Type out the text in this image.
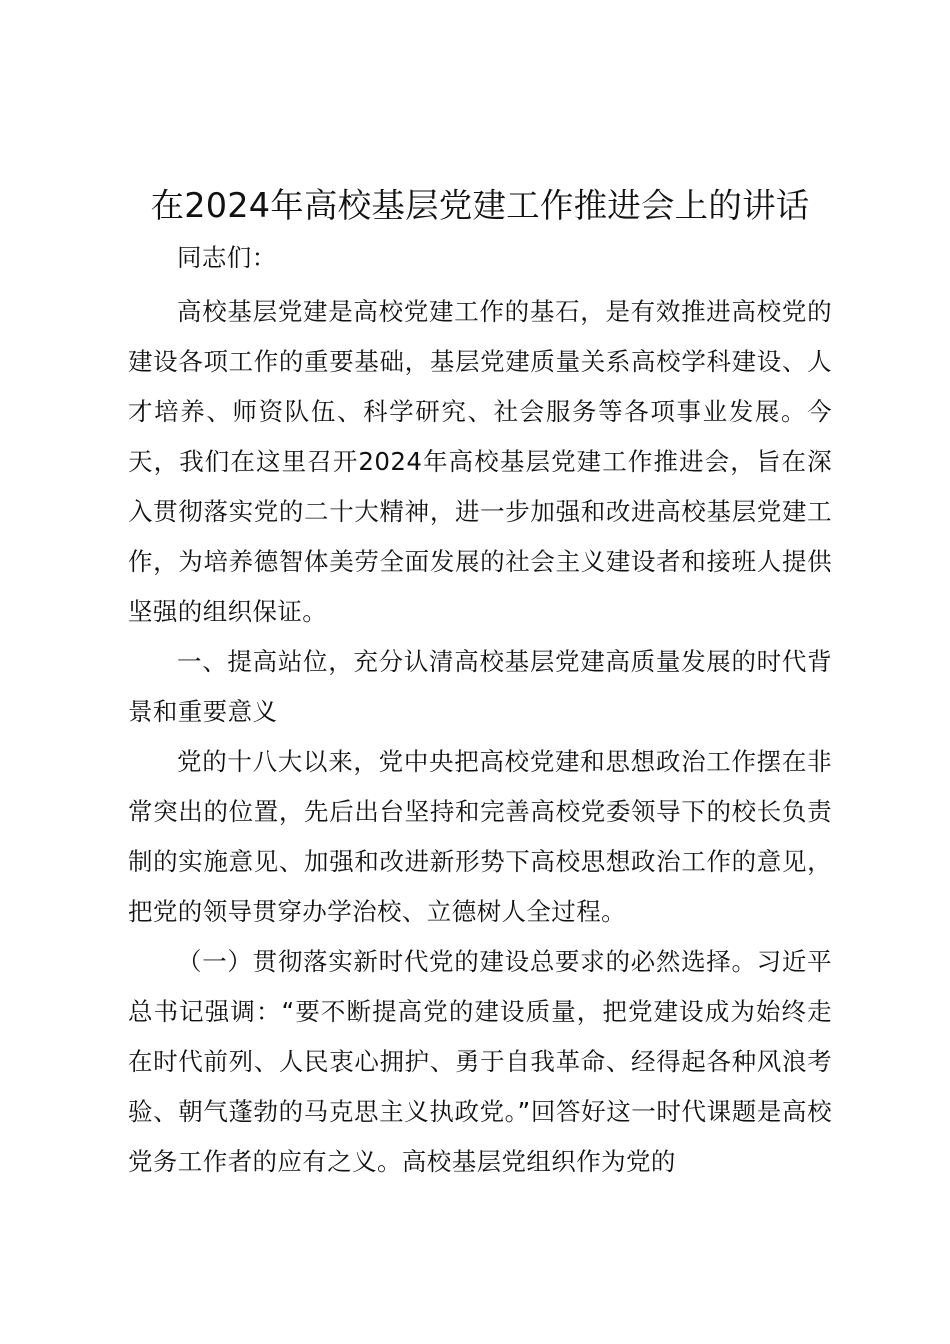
在2024年高校基层党建工作推进会上的讲话

同志们：

高校基层党建是高校党建工作的基石，是有效推进高校党的建设各项工作的重要基础，基层党建质量关系高校学科建设、人才培养、师资队伍、科学研究、社会服务等各项事业发展。今天，我们在这里召开2024年高校基层党建工作推进会，旨在深入贯彻落实党的二十大精神，进一步加强和改进高校基层党建工作，为培养德智体美劳全面发展的社会主义建设者和接班人提供坚强的组织保证。

一、提高站位，充分认清高校基层党建高质量发展的时代背景和重要意义

党的十八大以来，党中央把高校党建和思想政治工作摆在非常突出的位置，先后出台坚持和完善高校党委领导下的校长负责制的实施意见、加强和改进新形势下高校思想政治工作的意见，把党的领导贯穿办学治校、立德树人全过程。

（一）贯彻落实新时代党的建设总要求的必然选择。习近平总书记强调：“要不断提高党的建设质量，把党建设成为始终走在时代前列、人民衷心拥护、勇于自我革命、经得起各种风浪考验、朝气蓬勃的马克思主义执政党。”回答好这一时代课题是高校党务工作者的应有之义。高校基层党组织作为党的
